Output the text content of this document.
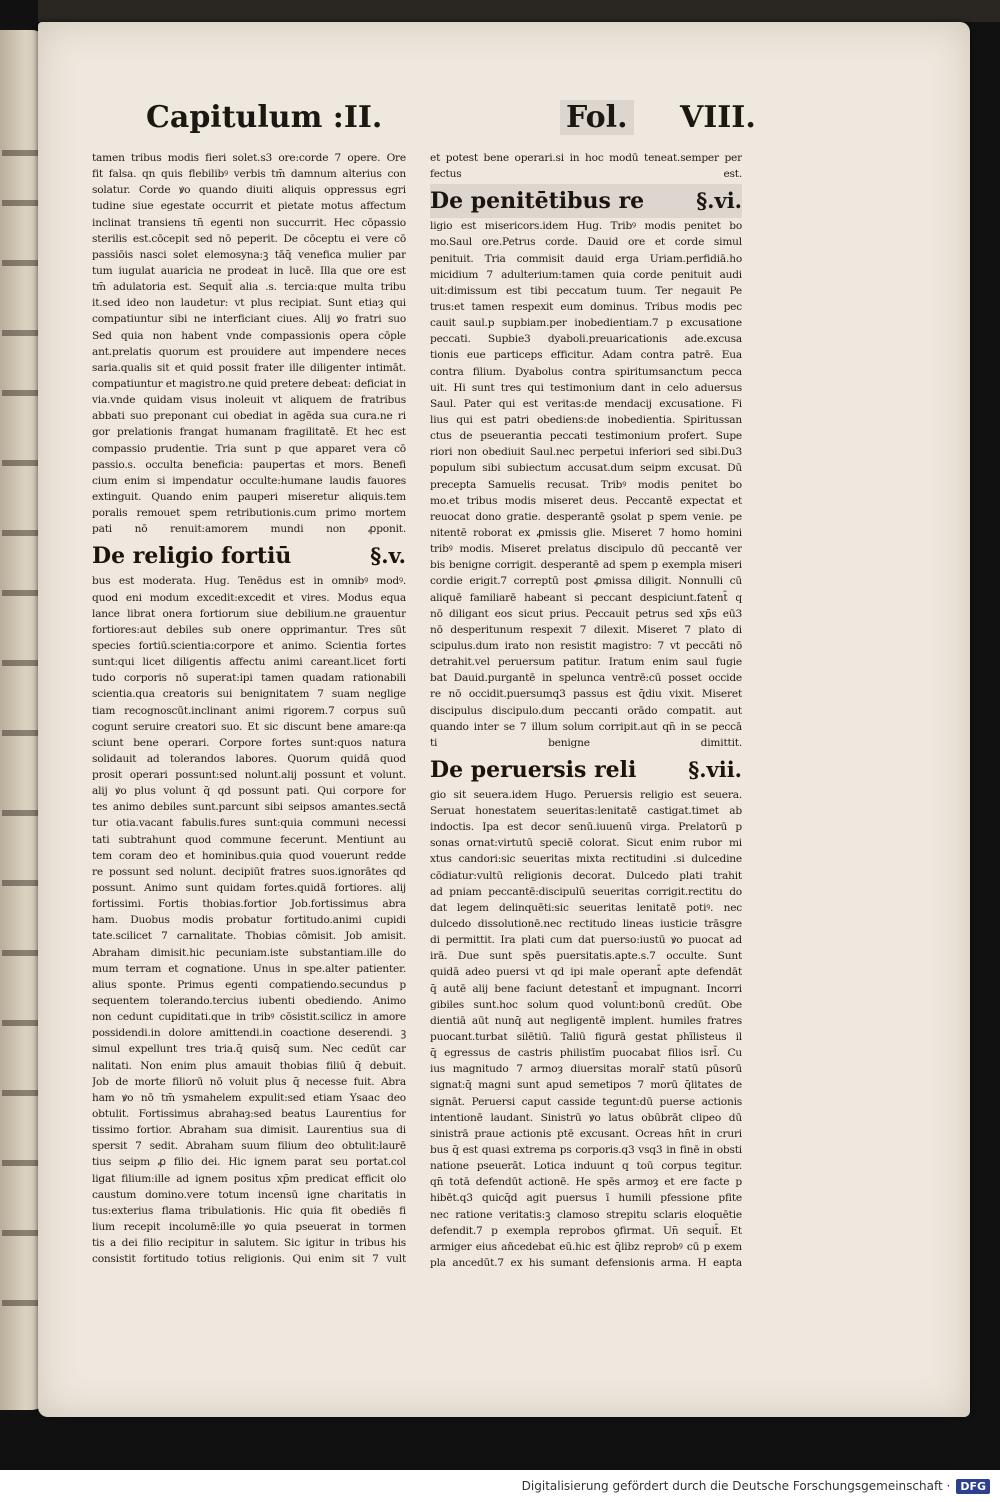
Capitulum :II.	Fol. VIII.
tamen tribus modis fieri solet.s3 ore:corde 7 opere. Ore
fit falsa. qn quis flebilibꝰ verbis tm̄ damnum alterius con
solatur. Corde ꝟo quando diuiti aliquis oppressus egri
tudine siue egestate occurrit et pietate motus affectum
inclinat transiens tn̄ egenti non succurrit. Hec cōpassio
sterilis est.cōcepit sed nō peperit. De cōceptu ei vere cō
passiōis nasci solet elemosyna:ꝫ tāq̄ venefica mulier par
tum iugulat auaricia ne prodeat in lucē. Illa que ore est
tm̄ adulatoria est. Sequit̄ alia .s. tercia:que multa tribu
it.sed ideo non laudetur: vt plus recipiat. Sunt etiaȝ qui
compatiuntur sibi ne interficiant ciues. Alij ꝟo fratri suo
Sed quia non habent vnde compassionis opera cōple
ant.prelatis quorum est prouidere aut impendere neces
saria.qualis sit et quid possit frater ille diligenter intimāt.
compatiuntur et magistro.ne quid pretere debeat: deficiat in
via.vnde quidam visus inoleuit vt aliquem de fratribus
abbati suo preponant cui obediat in agēda sua cura.ne ri
gor prelationis frangat humanam fragilitatē. Et hec est
compassio prudentie. Tria sunt p que apparet vera cō
passio.s. occulta beneficia: paupertas et mors. Benefi
cium enim si impendatur occulte:humane laudis fauores
extinguit. Quando enim pauperi miseretur aliquis.tem
poralis remouet spem retributionis.cum primo mortem
pati nō renuit:amorem mundi non ꝓponit.
De religio fortiū	§.v.
bus est moderata. Hug. Tenēdus est in omnibꝰ modꝰ.
quod eni modum excedit:excedit et vires. Modus equa
lance librat onera fortiorum siue debilium.ne grauentur
fortiores:aut debiles sub onere opprimantur. Tres sūt
species fortiū.scientia:corpore et animo. Scientia fortes
sunt:qui licet diligentis affectu animi careant.licet forti
tudo corporis nō superat:ipi tamen quadam rationabili
scientia.qua creatoris sui benignitatem 7 suam neglige
tiam recognoscūt.inclinant animi rigorem.7 corpus suū
cogunt seruire creatori suo. Et sic discunt bene amare:qa
sciunt bene operari. Corpore fortes sunt:quos natura
solidauit ad tolerandos labores. Quorum quidā quod
prosit operari possunt:sed nolunt.alij possunt et volunt.
alij ꝟo plus volunt q̄ qd possunt pati. Qui corpore for
tes animo debiles sunt.parcunt sibi seipsos amantes.sectā
tur otia.vacant fabulis.fures sunt:quia communi necessi
tati subtrahunt quod commune fecerunt. Mentiunt au
tem coram deo et hominibus.quia quod vouerunt redde
re possunt sed nolunt. decipiūt fratres suos.ignorātes qd
possunt. Animo sunt quidam fortes.quidā fortiores. alij
fortissimi. Fortis thobias.fortior Job.fortissimus abra
ham. Duobus modis probatur fortitudo.animi cupidi
tate.scilicet 7 carnalitate. Thobias cōmisit. Job amisit.
Abraham dimisit.hic pecuniam.iste substantiam.ille do
mum terram et cognatione. Unus in spe.alter patienter.
alius sponte. Primus egenti compatiendo.secundus p
sequentem tolerando.tercius iubenti obediendo. Animo
non cedunt cupiditati.que in tribꝰ cōsistit.scilicz in amore
possidendi.in dolore amittendi.in coactione deserendi. ꝫ
simul expellunt tres tria.q̄ quisq̄ sum. Nec cedūt car
nalitati. Non enim plus amauit thobias filiū q̄ debuit.
Job de morte filiorū nō voluit plus q̄ necesse fuit. Abra
ham ꝟo nō tm̄ ysmahelem expulit:sed etiam Ysaac deo
obtulit. Fortissimus abrahaȝ:sed beatus Laurentius for
tissimo fortior. Abraham sua dimisit. Laurentius sua di
spersit 7 sedit. Abraham suum filium deo obtulit:laurē
tius seipm ꝓ filio dei. Hic ignem parat seu portat.col
ligat filium:ille ad ignem positus xp̄m predicat efficit olo
caustum domino.vere totum incensū igne charitatis in
tus:exterius flama tribulationis. Hic quia fit obediēs fi
lium recepit incolumē:ille ꝟo quia pseuerat in tormen
tis a dei filio recipitur in salutem. Sic igitur in tribus his
consistit fortitudo totius religionis. Qui enim sit 7 vult
et potest bene operari.si in hoc modū teneat.semper per
fectus est.
De penitētibus re §.vi.
ligio est misericors.idem Hug. Tribꝰ modis penitet bo
mo.Saul ore.Petrus corde. Dauid ore et corde simul
penituit. Tria commisit dauid erga Uriam.perfidiā.ho
micidium 7 adulterium:tamen quia corde penituit audi
uit:dimissum est tibi peccatum tuum. Ter negauit Pe
trus:et tamen respexit eum dominus. Tribus modis pec
cauit saul.p supbiam.per inobedientiam.7 p excusatione
peccati. Supbie3 dyaboli.preuaricationis ade.excusa
tionis eue particeps efficitur. Adam contra patrē. Eua
contra filium. Dyabolus contra spiritumsanctum pecca
uit. Hi sunt tres qui testimonium dant in celo aduersus
Saul. Pater qui est veritas:de mendacij excusatione. Fi
lius qui est patri obediens:de inobedientia. Spiritussan
ctus de pseuerantia peccati testimonium profert. Supe
riori non obediuit Saul.nec perpetui inferiori sed sibi.Du3
populum sibi subiectum accusat.dum seipm excusat. Dū
precepta Samuelis recusat. Tribꝰ modis penitet bo
mo.et tribus modis miseret deus. Peccantē expectat et
reuocat dono gratie. desperantē ꝯsolat p spem venie. pe
nitentē roborat ex ꝓmissis glie. Miseret 7 homo homini
tribꝰ modis. Miseret prelatus discipulo dū peccantē ver
bis benigne corrigit. desperantē ad spem p exempla miseri
cordie erigit.7 correptū post ꝓmissa diligit. Nonnulli cū
aliquē familiarē habeant si peccant despiciunt.fatent̄ q
nō diligant eos sicut prius. Peccauit petrus sed xp̄s eū3
nō desperitunum respexit 7 dilexit. Miseret 7 plato di
scipulus.dum irato non resistit magistro: 7 vt peccāti nō
detrahit.vel peruersum patitur. Iratum enim saul fugie
bat Dauid.purgantē in spelunca ventrē:cū posset occide
re nō occidit.puersumq3 passus est q̄diu vixit. Miseret
discipulus discipulo.dum peccanti orādo compatit. aut
quando inter se 7 illum solum corripit.aut qn̄ in se peccā
ti benigne dimittit.
De peruersis reli §.vii.
gio sit seuera.idem Hugo. Peruersis religio est seuera.
Seruat honestatem seueritas:lenitatē castigat.timet ab
indoctis. Ipa est decor senū.iuuenū virga. Prelatorū p
sonas ornat:virtutū speciē colorat. Sicut enim rubor mi
xtus candori:sic seueritas mixta rectitudini .si dulcedine
cōdiatur:vultū religionis decorat. Dulcedo plati trahit
ad pniam peccantē:discipulū seueritas corrigit.rectitu do
dat legem delinquēti:sic seueritas lenitatē potiꝰ. nec
dulcedo dissolutionē.nec rectitudo lineas iusticie trāsgre
di permittit. Ira plati cum dat puerso:iustū ꝟo puocat ad
irā. Due sunt spēs puersitatis.apte.s.7 occulte. Sunt
quidā adeo puersi vt qd ipi male operant̄ apte defendāt
q̄ autē alij bene faciunt detestant̄ et impugnant. Incorri
gibiles sunt.hoc solum quod volunt:bonū credūt. Obe
dientiā aūt nunq̄ aut negligentē implent. humiles fratres
puocant.turbat silētiū. Taliū figurā gestat phīlisteus il
q̄ egressus de castris philistīm puocabat filios isrl̄. Cu
ius magnitudo 7 armoȝ diuersitas moralr̄ statū pūsorū
signat:q̄ magni sunt apud semetipos 7 morū q̄litates de
signāt. Peruersi caput casside tegunt:dū puerse actionis
intentionē laudant. Sinistrū ꝟo latus obūbrāt clipeo dū
sinistrā praue actionis ptē excusant. Ocreas hn̄t in cruri
bus q̄ est quasi extrema ps corporis.q3 vsq3 in finē in obsti
natione pseuerāt. Lotica induunt q toū corpus tegitur.
qn̄ totā defendūt actionē. He spēs armoȝ et ere facte p
hibēt.q3 quicq̄d agit puersus ī humili pfessione pfite
nec ratione veritatis:ꝫ clamoso strepitu sclaris eloquētie
defendit.7 p exempla reprobos ꝯfirmat. Un̄ sequit̄. Et
armiger eius añcedebat eū.hic est q̄libz reprobꝰ cū p exem
pla ancedūt.7 ex his sumant defensionis arma. H eapta
Digitalisierung gefördert durch die Deutsche Forschungsgemeinschaft · DFG
